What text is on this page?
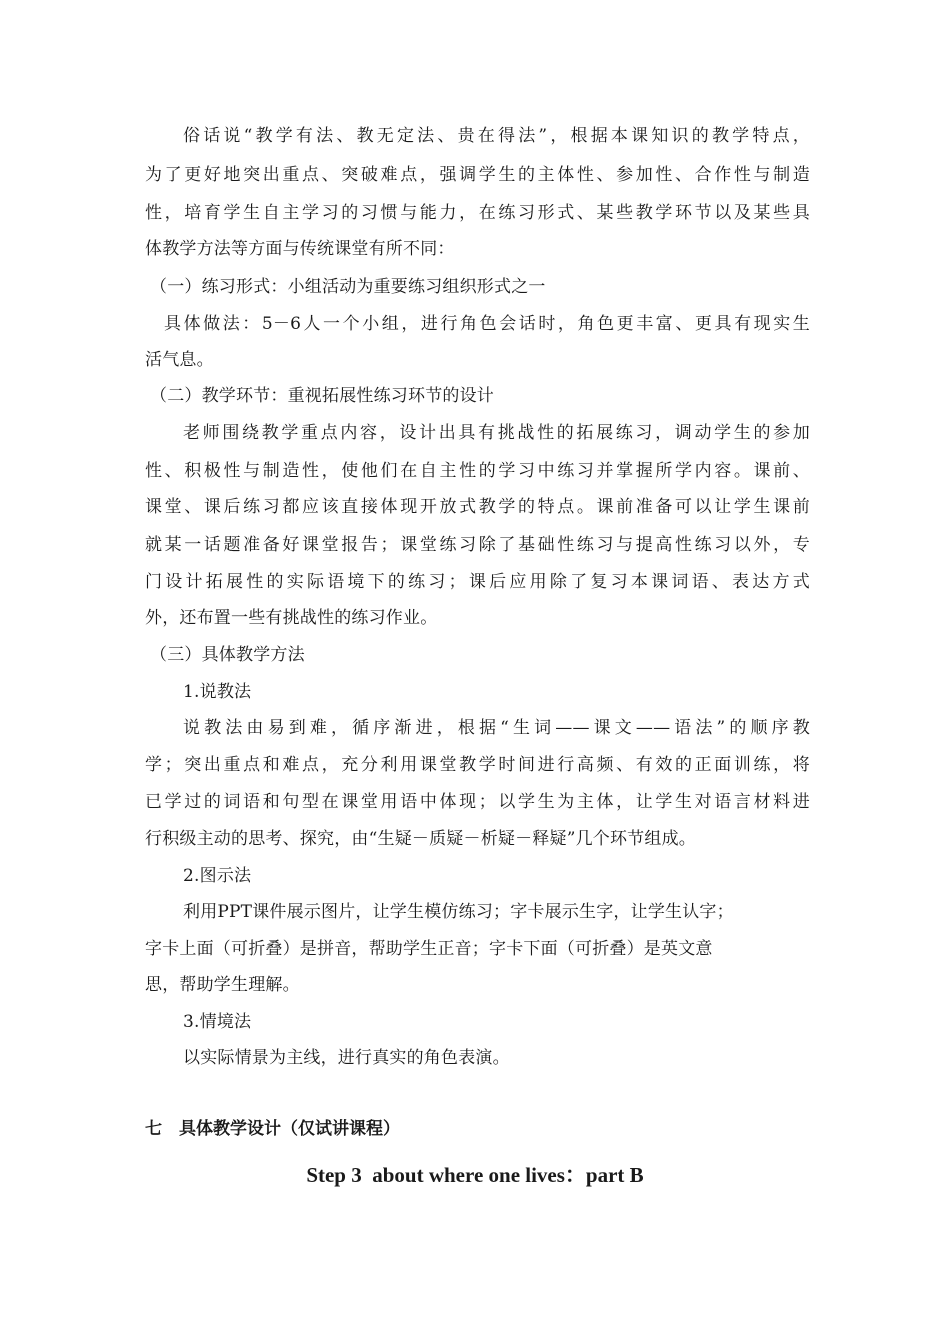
俗话说“教学有法、教无定法、贵在得法”，根据本课知识的教学特点，
为了更好地突出重点、突破难点，强调学生的主体性、参加性、合作性与制造
性，培育学生自主学习的习惯与能力，在练习形式、某些教学环节以及某些具
体教学方法等方面与传统课堂有所不同：
（一）练习形式：小组活动为重要练习组织形式之一
具体做法：5－6人一个小组，进行角色会话时，角色更丰富、更具有现实生
活气息。
（二）教学环节：重视拓展性练习环节的设计
老师围绕教学重点内容，设计出具有挑战性的拓展练习，调动学生的参加
性、积极性与制造性，使他们在自主性的学习中练习并掌握所学内容。课前、
课堂、课后练习都应该直接体现开放式教学的特点。课前准备可以让学生课前
就某一话题准备好课堂报告；课堂练习除了基础性练习与提高性练习以外，专
门设计拓展性的实际语境下的练习；课后应用除了复习本课词语、表达方式
外，还布置一些有挑战性的练习作业。
（三）具体教学方法
1.说教法
说教法由易到难，循序渐进，根据“生词——课文——语法”的顺序教
学；突出重点和难点，充分利用课堂教学时间进行高频、有效的正面训练，将
已学过的词语和句型在课堂用语中体现；以学生为主体，让学生对语言材料进
行积级主动的思考、探究，由“生疑－质疑－析疑－释疑”几个环节组成。
2.图示法
利用PPT课件展示图片，让学生模仿练习；字卡展示生字，让学生认字；
字卡上面（可折叠）是拼音，帮助学生正音；字卡下面（可折叠）是英文意
思，帮助学生理解。
3.情境法
以实际情景为主线，进行真实的角色表演。
七　具体教学设计（仅试讲课程）
Step 3  about where one lives：part B
